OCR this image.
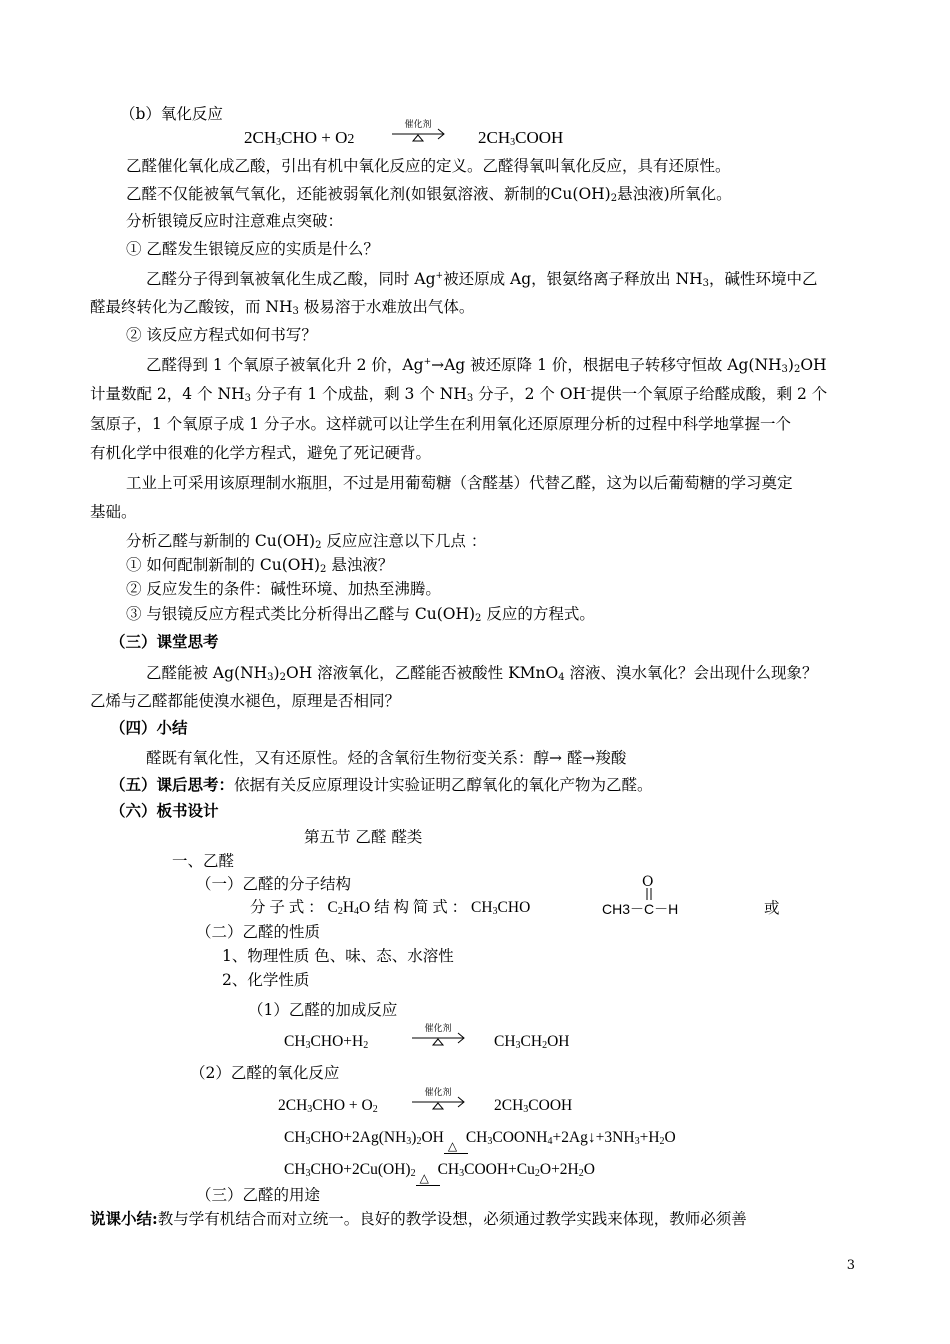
（b）氧化反应
$2CH_3CHO + O2$
催化剂
$2CH_3COOH$
乙醛催化氧化成乙酸，引出有机中氧化反应的定义。乙醛得氧叫氧化反应，具有还原性。
乙醛不仅能被氧气氧化，还能被弱氧化剂(如银氨溶液、新制的$Cu(OH)_2$悬浊液)所氧化。
分析银镜反应时注意难点突破：
① 乙醛发生银镜反应的实质是什么？
乙醛分子得到氧被氧化生成乙酸，同时 Ag+被还原成 Ag，银氨络离子释放出 $NH_3$，碱性环境中乙
醛最终转化为乙酸铵，而 $NH_3$ 极易溶于水难放出气体。
② 该反应方程式如何书写？
乙醛得到 1 个氧原子被氧化升 2 价，Ag+→Ag 被还原降 1 价，根据电子转移守恒故 $Ag(NH_3)_2OH$
计量数配 2，4 个 $NH_3$ 分子有 1 个成盐，剩 3 个 $NH_3$ 分子，2 个 OH–提供一个氧原子给醛成酸，剩 2 个
氢原子，1 个氧原子成 1 分子水。这样就可以让学生在利用氧化还原原理分析的过程中科学地掌握一个
有机化学中很难的化学方程式，避免了死记硬背。
工业上可采用该原理制水瓶胆，不过是用葡萄糖（含醛基）代替乙醛，这为以后葡萄糖的学习奠定
基础。
分析乙醛与新制的 $Cu(OH)_2$ 反应应注意以下几点 ：
① 如何配制新制的 $Cu(OH)_2$ 悬浊液？
② 反应发生的条件：碱性环境、加热至沸腾。
③ 与银镜反应方程式类比分析得出乙醛与 $Cu(OH)_2$ 反应的方程式。
（三）课堂思考
乙醛能被 $Ag(NH_3)_2OH$ 溶液氧化，乙醛能否被酸性 KMnO$_4$ 溶液、溴水氧化？会出现什么现象？
乙烯与乙醛都能使溴水褪色，原理是否相同？
（四）小结
醛既有氧化性，又有还原性。烃的含氧衍生物衍变关系：醇→ 醛→羧酸
（五）课后思考：依据有关反应原理设计实验证明乙醇氧化的氧化产物为乙醛。
（六）板书设计
第五节 乙醛 醛类
一、乙醛
（一）乙醛的分子结构
分 子 式 ： $C_2H_4O$ 结 构 简 式 ： $CH_3CHO$
O
CH3－C－H	或
（二）乙醛的性质
1、物理性质 色、味、态、水溶性
2、化学性质
（1）乙醛的加成反应
$CH_3CHO+H_2$
催化剂
$CH_3CH_2OH$
（2）乙醛的氧化反应
$2CH_3CHO + O_2$
催化剂
$2CH_3COOH$
$CH_3CHO+2Ag(NH_3)_2OH$ △ $CH_3COONH_4+2Ag↓+3NH_3+H_2O$
$CH_3CHO+2Cu(OH)_2$ △ $CH_3COOH+Cu_2O+2H_2O$
（三）乙醛的用途
说课小结:教与学有机结合而对立统一。良好的教学设想，必须通过教学实践来体现，教师必须善
3
